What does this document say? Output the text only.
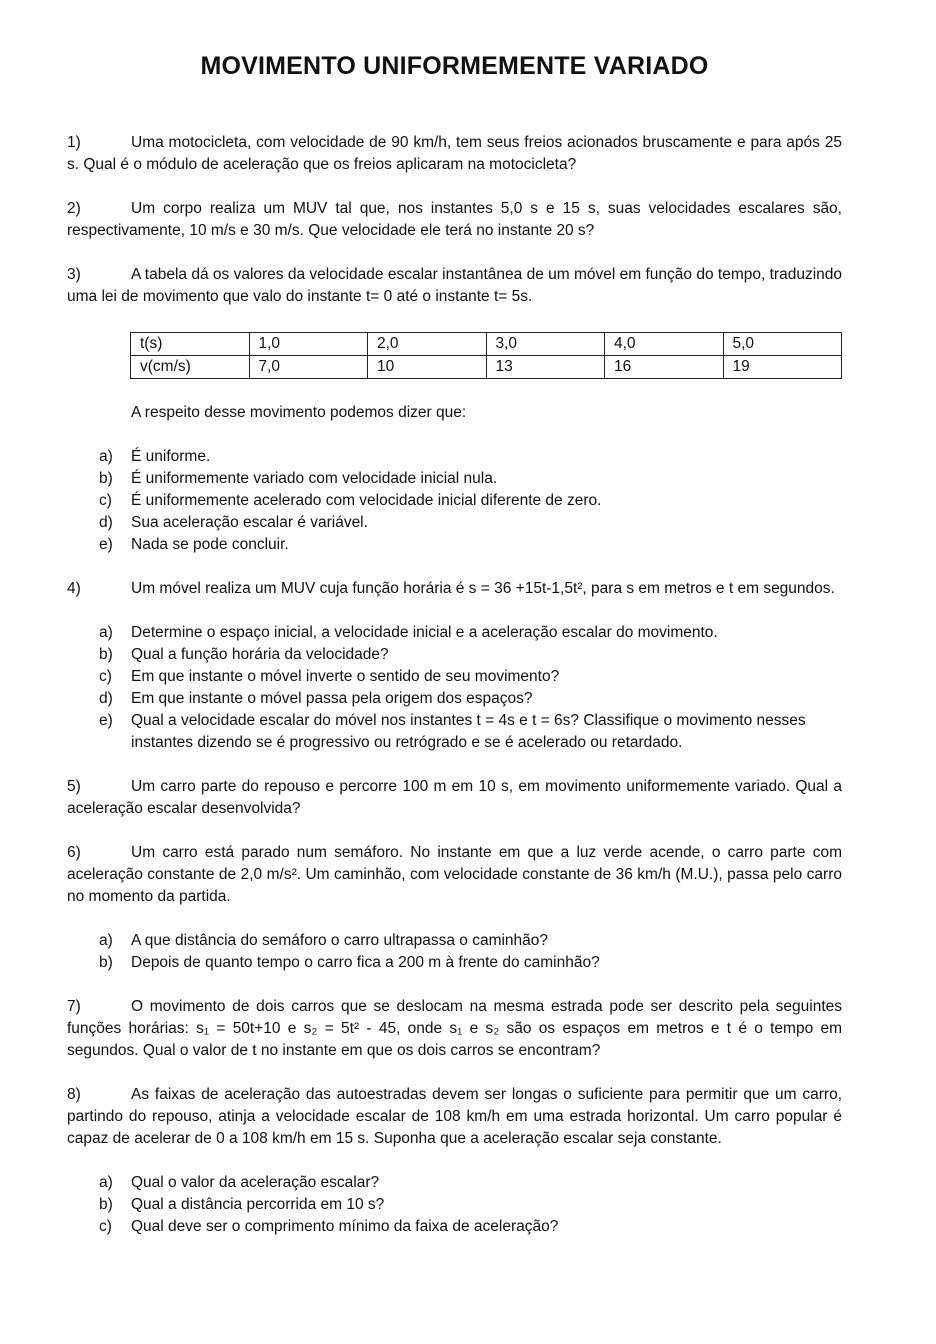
MOVIMENTO UNIFORMEMENTE VARIADO

1)	Uma motocicleta, com velocidade de 90 km/h, tem seus freios acionados bruscamente e para após 25 s. Qual é o módulo de aceleração que os freios aplicaram na motocicleta?

2)	Um corpo realiza um MUV tal que, nos instantes 5,0 s e 15 s, suas velocidades escalares são, respectivamente, 10 m/s e 30 m/s. Que velocidade ele terá no instante 20 s?

3)	A tabela dá os valores da velocidade escalar instantânea de um móvel em função do tempo, traduzindo uma lei de movimento que valo do instante t= 0 até o instante t= 5s.

t(s)	1,0	2,0	3,0	4,0	5,0
v(cm/s)	7,0	10	13	16	19

A respeito desse movimento podemos dizer que:

a) É uniforme.
b) É uniformemente variado com velocidade inicial nula.
c) É uniformemente acelerado com velocidade inicial diferente de zero.
d) Sua aceleração escalar é variável.
e) Nada se pode concluir.

4)	Um móvel realiza um MUV cuja função horária é s = 36 +15t-1,5t², para s em metros e t em segundos.

a) Determine o espaço inicial, a velocidade inicial e a aceleração escalar do movimento.
b) Qual a função horária da velocidade?
c) Em que instante o móvel inverte o sentido de seu movimento?
d) Em que instante o móvel passa pela origem dos espaços?
e) Qual a velocidade escalar do móvel nos instantes t = 4s e t = 6s? Classifique o movimento nesses instantes dizendo se é progressivo ou retrógrado e se é acelerado ou retardado.

5)	Um carro parte do repouso e percorre 100 m em 10 s, em movimento uniformemente variado. Qual a aceleração escalar desenvolvida?

6)	Um carro está parado num semáforo. No instante em que a luz verde acende, o carro parte com aceleração constante de 2,0 m/s². Um caminhão, com velocidade constante de 36 km/h (M.U.), passa pelo carro no momento da partida.

a) A que distância do semáforo o carro ultrapassa o caminhão?
b) Depois de quanto tempo o carro fica a 200 m à frente do caminhão?

7)	O movimento de dois carros que se deslocam na mesma estrada pode ser descrito pela seguintes funções horárias: s₁ = 50t+10 e s₂ = 5t² - 45, onde s₁ e s₂ são os espaços em metros e t é o tempo em segundos. Qual o valor de t no instante em que os dois carros se encontram?

8)	As faixas de aceleração das autoestradas devem ser longas o suficiente para permitir que um carro, partindo do repouso, atinja a velocidade escalar de 108 km/h em uma estrada horizontal. Um carro popular é capaz de acelerar de 0 a 108 km/h em 15 s. Suponha que a aceleração escalar seja constante.

a) Qual o valor da aceleração escalar?
b) Qual a distância percorrida em 10 s?
c) Qual deve ser o comprimento mínimo da faixa de aceleração?
